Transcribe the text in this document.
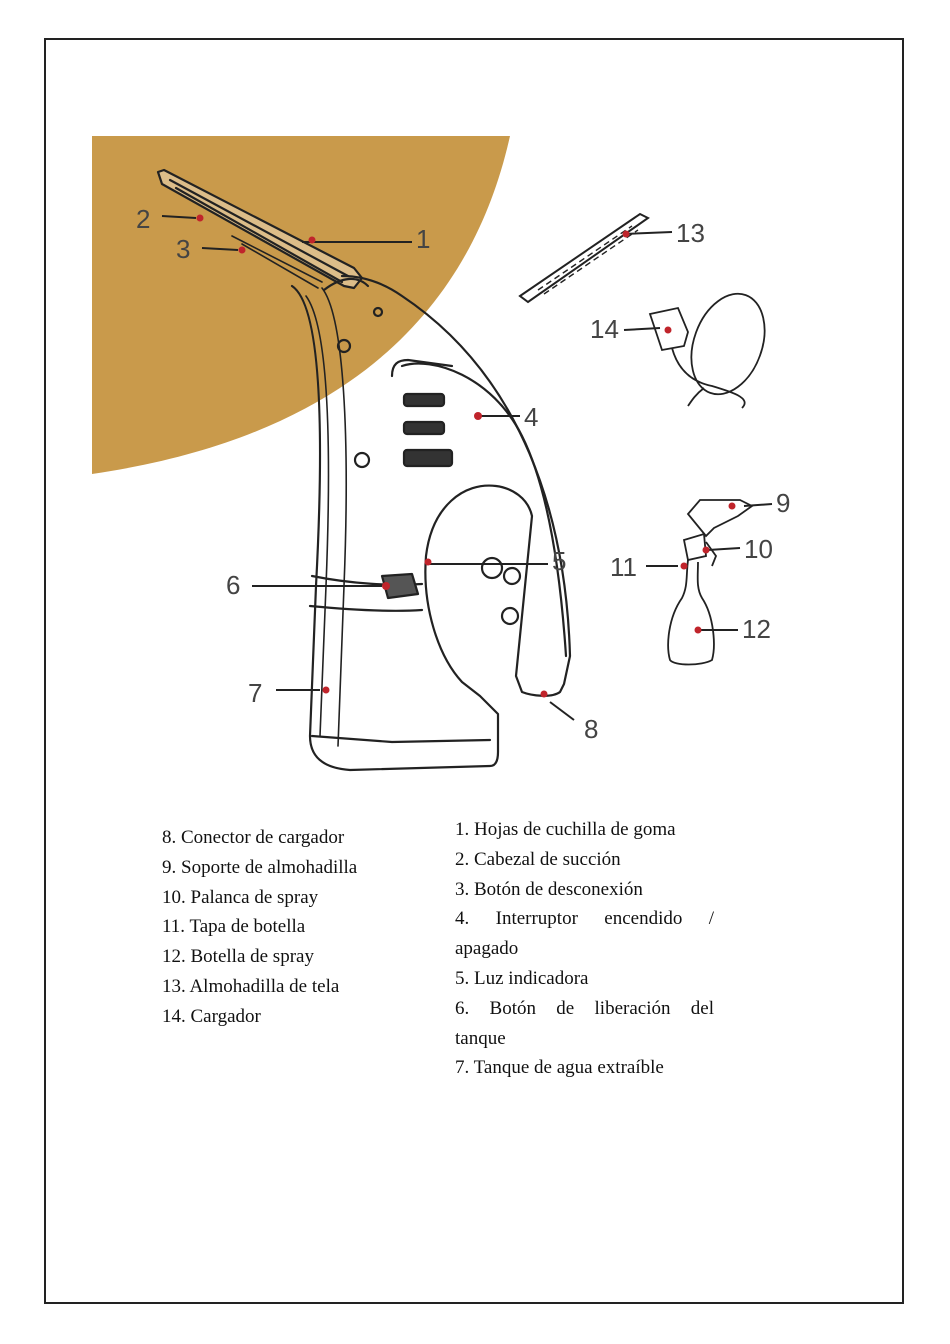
1
2
3
4
5
6
7
8
9
10
11
12
13
14

8. Conector de cargador

9. Soporte de almohadilla

10. Palanca de spray

11. Tapa de botella

12. Botella de spray

13. Almohadilla de tela

14. Cargador

1. Hojas de cuchilla de goma

2. Cabezal de succión

3. Botón de desconexión

4. Interruptor encendido /
apagado

5. Luz indicadora

6. Botón de liberación del
tanque

7. Tanque de agua extraíble
